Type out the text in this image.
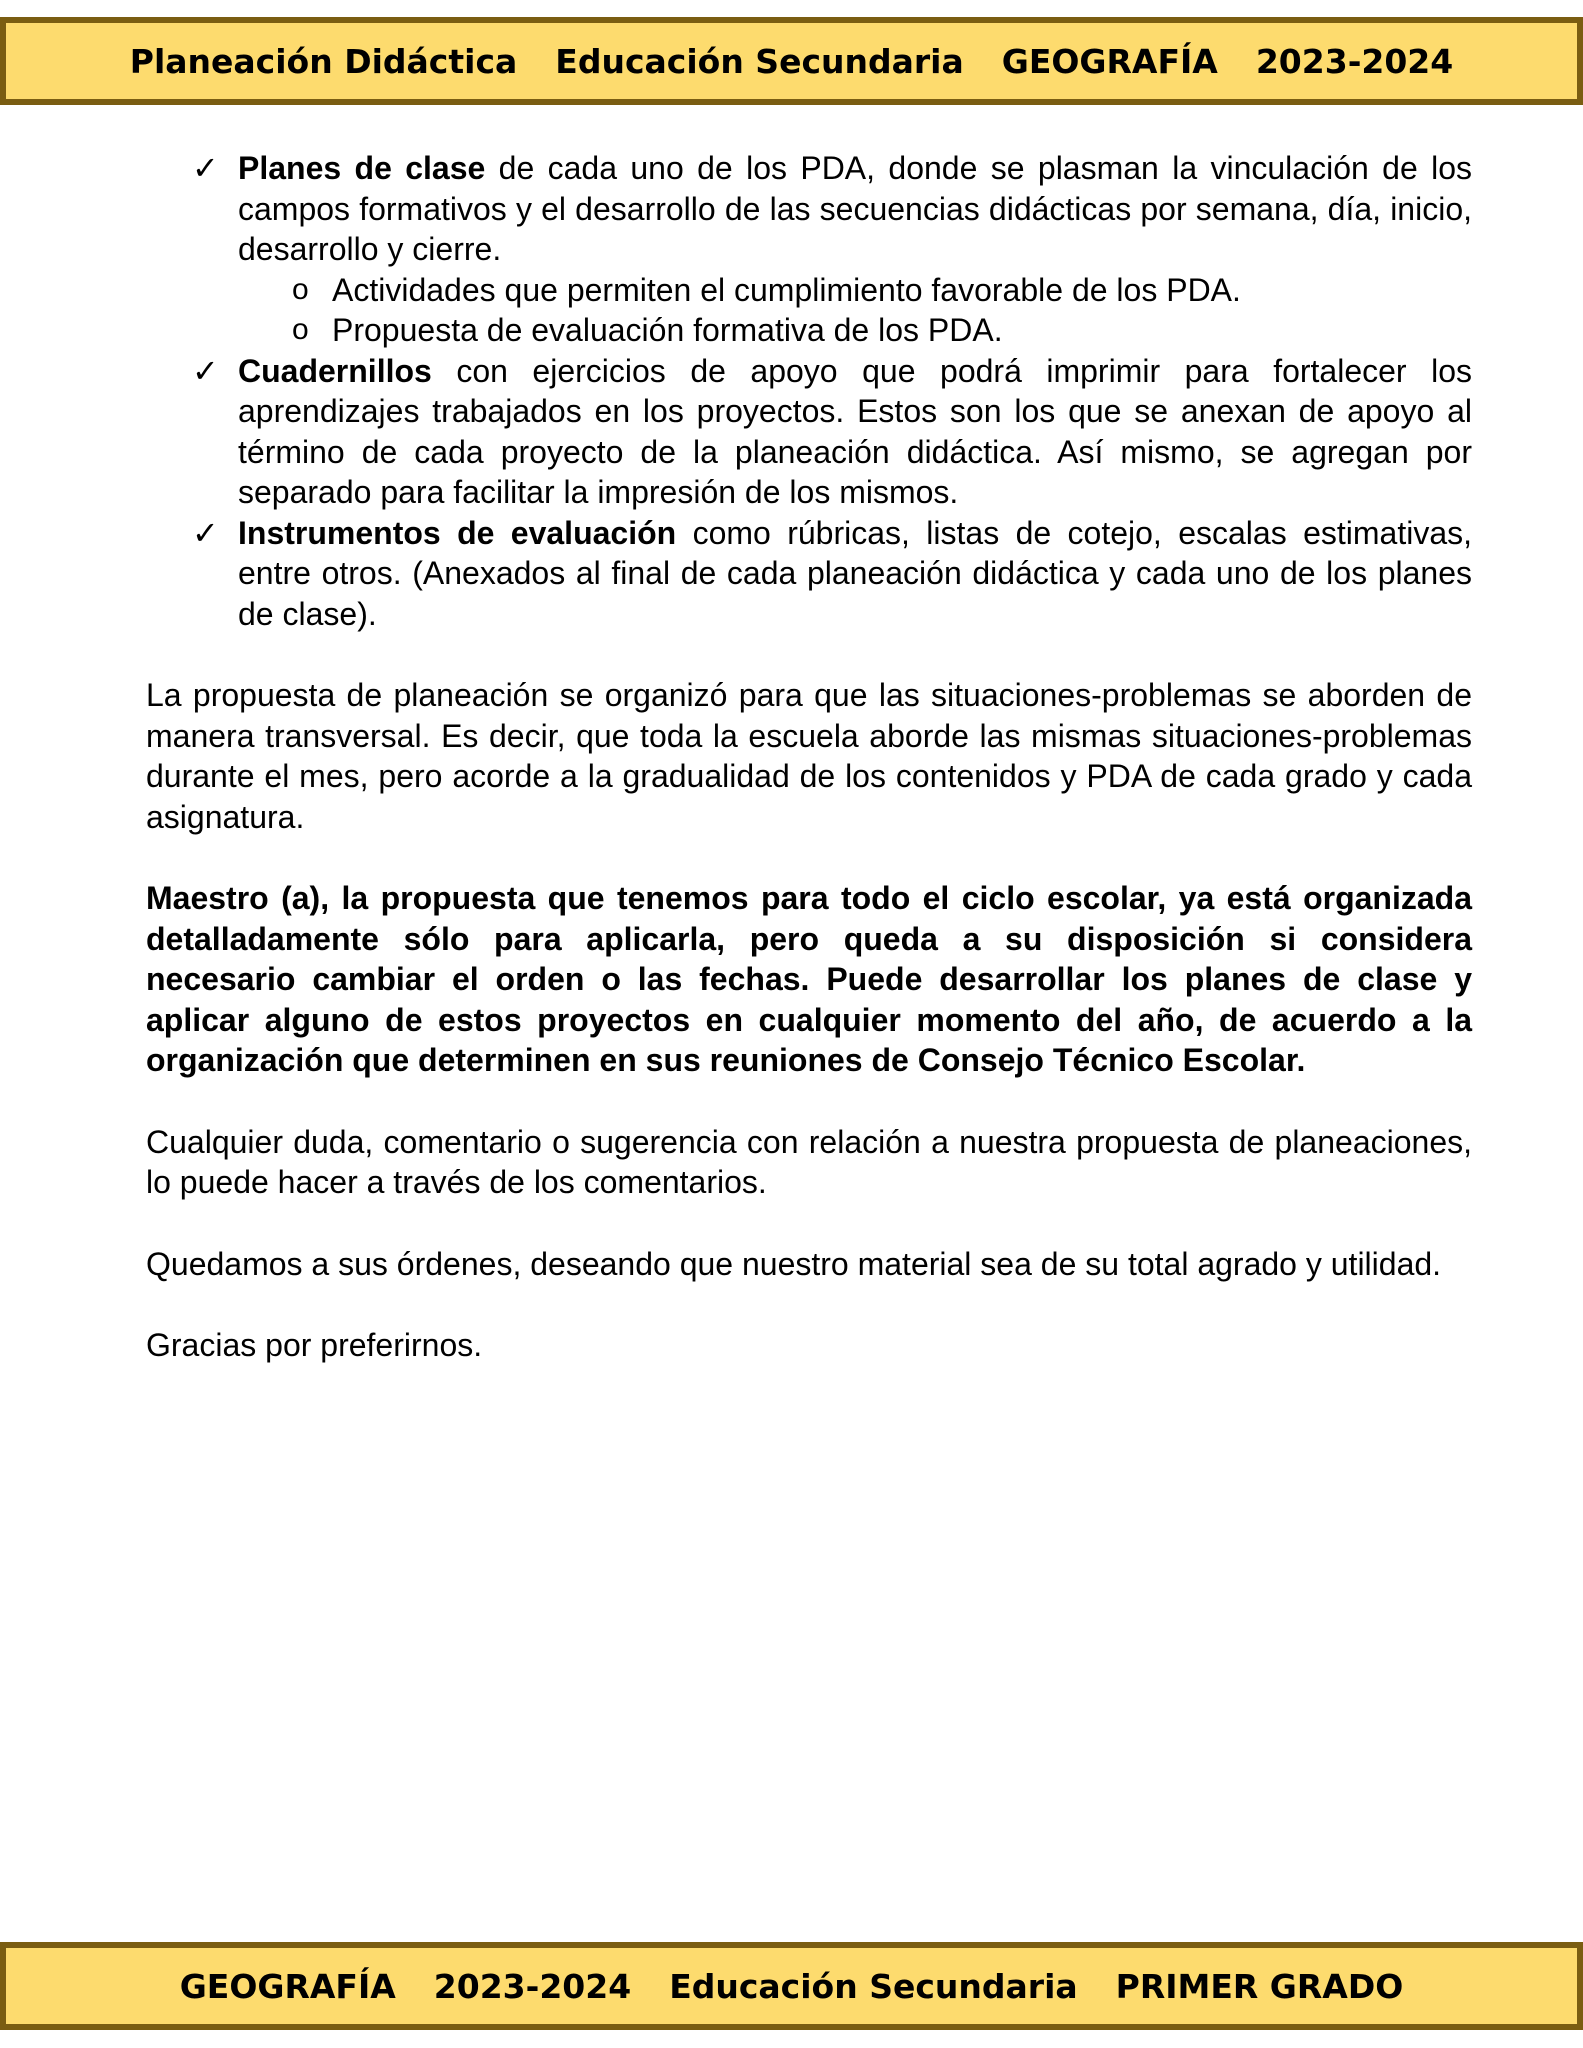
Planeación Didáctica Educación Secundaria GEOGRAFÍA 2023-2024
✓ Planes de clase de cada uno de los PDA, donde se plasman la vinculación de los campos formativos y el desarrollo de las secuencias didácticas por semana, día, inicio, desarrollo y cierre.
o Actividades que permiten el cumplimiento favorable de los PDA.
o Propuesta de evaluación formativa de los PDA.
✓ Cuadernillos con ejercicios de apoyo que podrá imprimir para fortalecer los aprendizajes trabajados en los proyectos. Estos son los que se anexan de apoyo al término de cada proyecto de la planeación didáctica. Así mismo, se agregan por separado para facilitar la impresión de los mismos.
✓ Instrumentos de evaluación como rúbricas, listas de cotejo, escalas estimativas, entre otros. (Anexados al final de cada planeación didáctica y cada uno de los planes de clase).

La propuesta de planeación se organizó para que las situaciones-problemas se aborden de manera transversal. Es decir, que toda la escuela aborde las mismas situaciones-problemas durante el mes, pero acorde a la gradualidad de los contenidos y PDA de cada grado y cada asignatura.

Maestro (a), la propuesta que tenemos para todo el ciclo escolar, ya está organizada detalladamente sólo para aplicarla, pero queda a su disposición si considera necesario cambiar el orden o las fechas. Puede desarrollar los planes de clase y aplicar alguno de estos proyectos en cualquier momento del año, de acuerdo a la organización que determinen en sus reuniones de Consejo Técnico Escolar.

Cualquier duda, comentario o sugerencia con relación a nuestra propuesta de planeaciones, lo puede hacer a través de los comentarios.

Quedamos a sus órdenes, deseando que nuestro material sea de su total agrado y utilidad.

Gracias por preferirnos.

GEOGRAFÍA 2023-2024 Educación Secundaria PRIMER GRADO
